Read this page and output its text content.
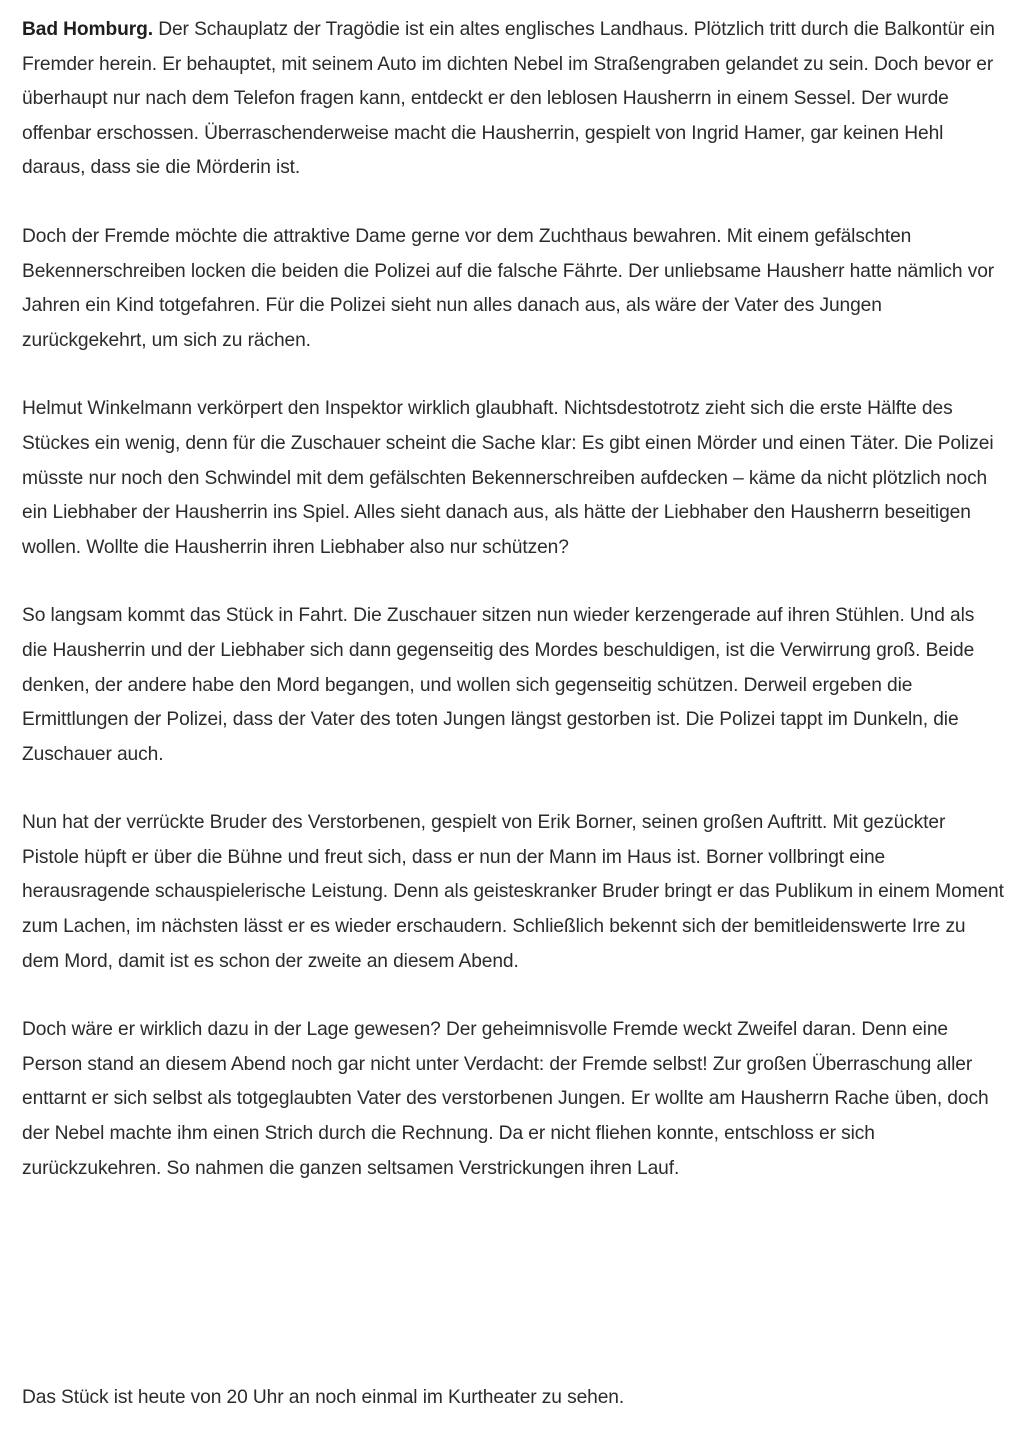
Bad Homburg. Der Schauplatz der Tragödie ist ein altes englisches Landhaus. Plötzlich tritt durch die Balkontür ein Fremder herein. Er behauptet, mit seinem Auto im dichten Nebel im Straßengraben gelandet zu sein. Doch bevor er überhaupt nur nach dem Telefon fragen kann, entdeckt er den leblosen Hausherrn in einem Sessel. Der wurde offenbar erschossen. Überraschenderweise macht die Hausherrin, gespielt von Ingrid Hamer, gar keinen Hehl daraus, dass sie die Mörderin ist.

Doch der Fremde möchte die attraktive Dame gerne vor dem Zuchthaus bewahren. Mit einem gefälschten Bekennerschreiben locken die beiden die Polizei auf die falsche Fährte. Der unliebsame Hausherr hatte nämlich vor Jahren ein Kind totgefahren. Für die Polizei sieht nun alles danach aus, als wäre der Vater des Jungen zurückgekehrt, um sich zu rächen.

Helmut Winkelmann verkörpert den Inspektor wirklich glaubhaft. Nichtsdestotrotz zieht sich die erste Hälfte des Stückes ein wenig, denn für die Zuschauer scheint die Sache klar: Es gibt einen Mörder und einen Täter. Die Polizei müsste nur noch den Schwindel mit dem gefälschten Bekennerschreiben aufdecken – käme da nicht plötzlich noch ein Liebhaber der Hausherrin ins Spiel. Alles sieht danach aus, als hätte der Liebhaber den Hausherrn beseitigen wollen. Wollte die Hausherrin ihren Liebhaber also nur schützen?

So langsam kommt das Stück in Fahrt. Die Zuschauer sitzen nun wieder kerzengerade auf ihren Stühlen. Und als die Hausherrin und der Liebhaber sich dann gegenseitig des Mordes beschuldigen, ist die Verwirrung groß. Beide denken, der andere habe den Mord begangen, und wollen sich gegenseitig schützen. Derweil ergeben die Ermittlungen der Polizei, dass der Vater des toten Jungen längst gestorben ist. Die Polizei tappt im Dunkeln, die Zuschauer auch.

Nun hat der verrückte Bruder des Verstorbenen, gespielt von Erik Borner, seinen großen Auftritt. Mit gezückter Pistole hüpft er über die Bühne und freut sich, dass er nun der Mann im Haus ist. Borner vollbringt eine herausragende schauspielerische Leistung. Denn als geisteskranker Bruder bringt er das Publikum in einem Moment zum Lachen, im nächsten lässt er es wieder erschaudern. Schließlich bekennt sich der bemitleidenswerte Irre zu dem Mord, damit ist es schon der zweite an diesem Abend.

Doch wäre er wirklich dazu in der Lage gewesen? Der geheimnisvolle Fremde weckt Zweifel daran. Denn eine Person stand an diesem Abend noch gar nicht unter Verdacht: der Fremde selbst! Zur großen Überraschung aller enttarnt er sich selbst als totgeglaubten Vater des verstorbenen Jungen. Er wollte am Hausherrn Rache üben, doch der Nebel machte ihm einen Strich durch die Rechnung. Da er nicht fliehen konnte, entschloss er sich zurückzukehren. So nahmen die ganzen seltsamen Verstrickungen ihren Lauf.

Das Stück ist heute von 20 Uhr an noch einmal im Kurtheater zu sehen.
